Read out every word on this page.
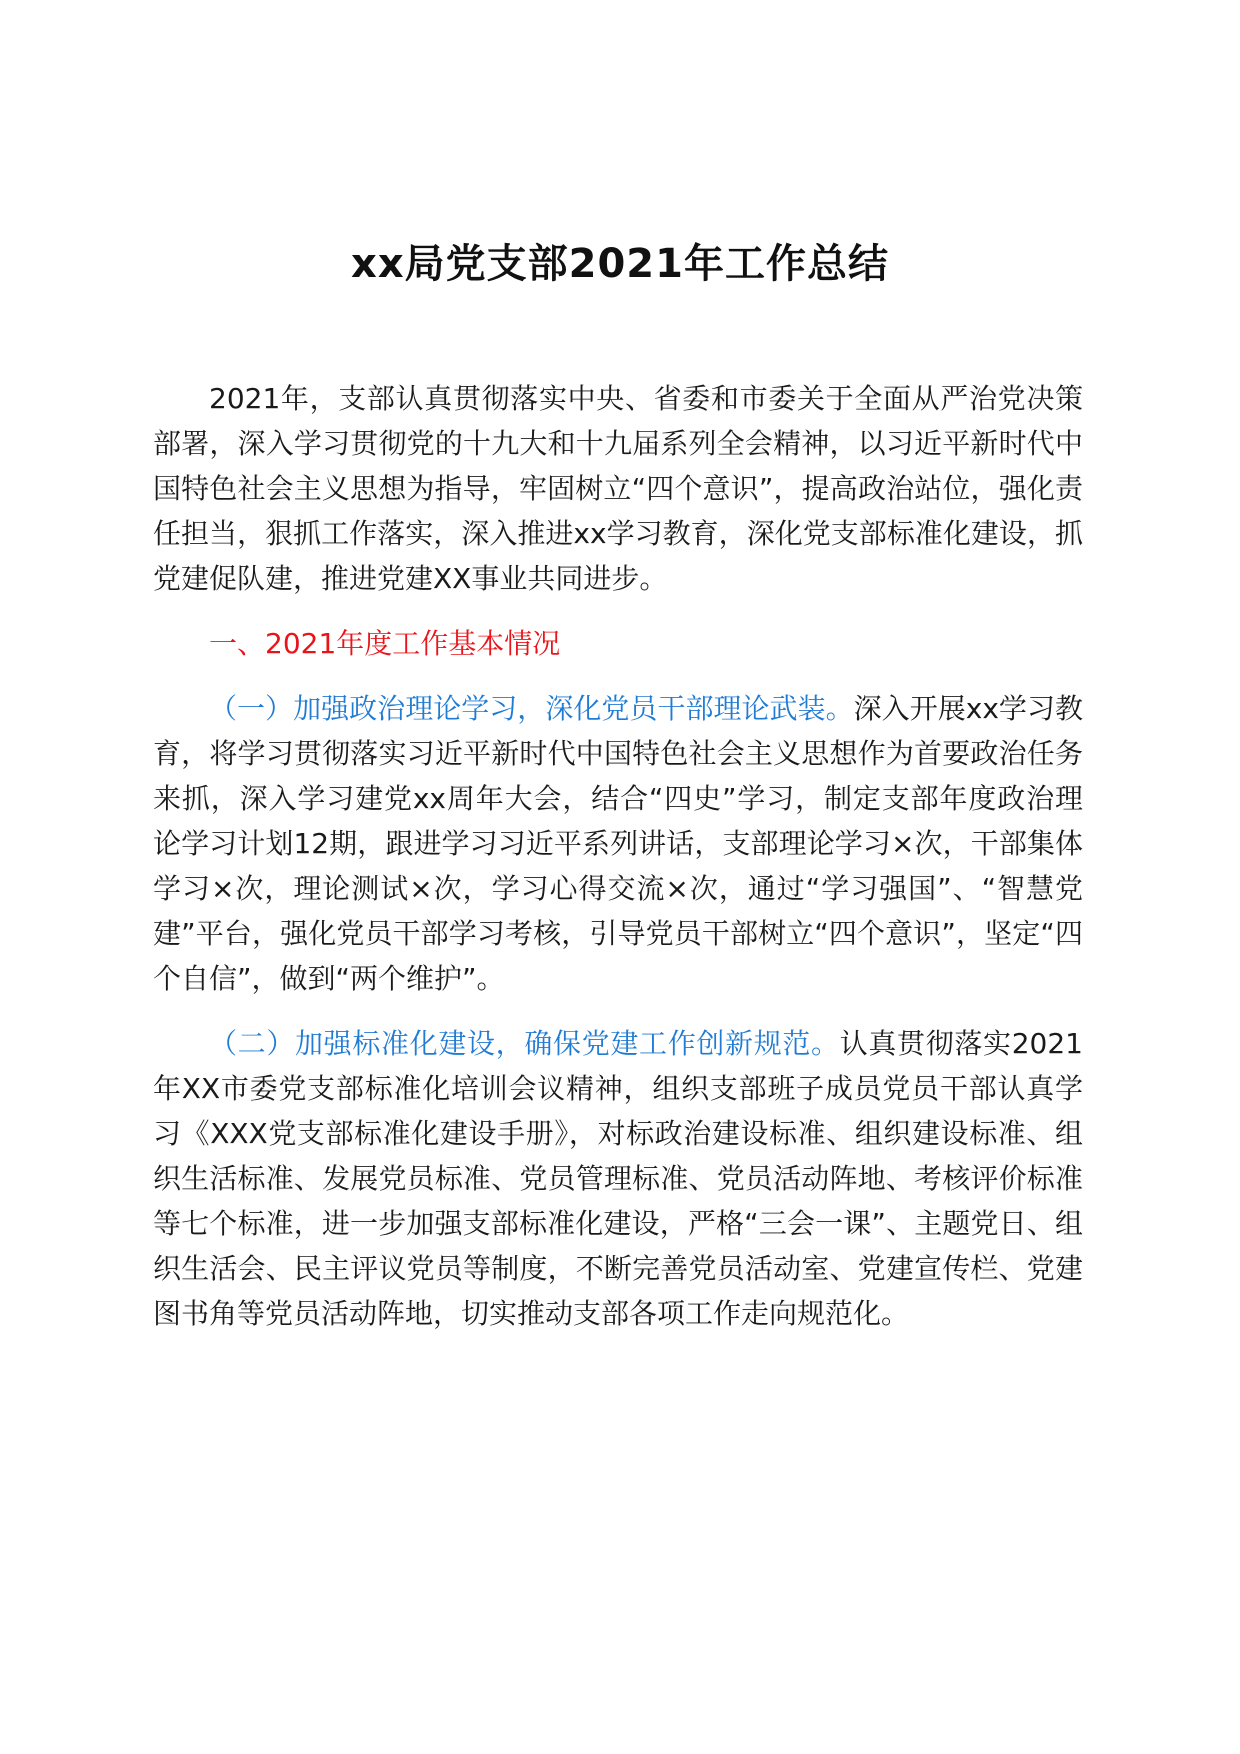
xx局党支部2021年工作总结

2021年，支部认真贯彻落实中央、省委和市委关于全面从严治党决策部署，深入学习贯彻党的十九大和十九届系列全会精神，以习近平新时代中国特色社会主义思想为指导，牢固树立“四个意识”，提高政治站位，强化责任担当，狠抓工作落实，深入推进xx学习教育，深化党支部标准化建设，抓党建促队建，推进党建XX事业共同进步。

一、2021年度工作基本情况

（一）加强政治理论学习，深化党员干部理论武装。深入开展xx学习教育，将学习贯彻落实习近平新时代中国特色社会主义思想作为首要政治任务来抓，深入学习建党xx周年大会，结合“四史”学习，制定支部年度政治理论学习计划12期，跟进学习习近平系列讲话，支部理论学习×次，干部集体学习×次，理论测试×次，学习心得交流×次，通过“学习强国”、“智慧党建”平台，强化党员干部学习考核，引导党员干部树立“四个意识”，坚定“四个自信”，做到“两个维护”。

（二）加强标准化建设，确保党建工作创新规范。认真贯彻落实2021年XX市委党支部标准化培训会议精神，组织支部班子成员党员干部认真学习《XXX党支部标准化建设手册》，对标政治建设标准、组织建设标准、组织生活标准、发展党员标准、党员管理标准、党员活动阵地、考核评价标准等七个标准，进一步加强支部标准化建设，严格“三会一课”、主题党日、组织生活会、民主评议党员等制度，不断完善党员活动室、党建宣传栏、党建图书角等党员活动阵地，切实推动支部各项工作走向规范化。
